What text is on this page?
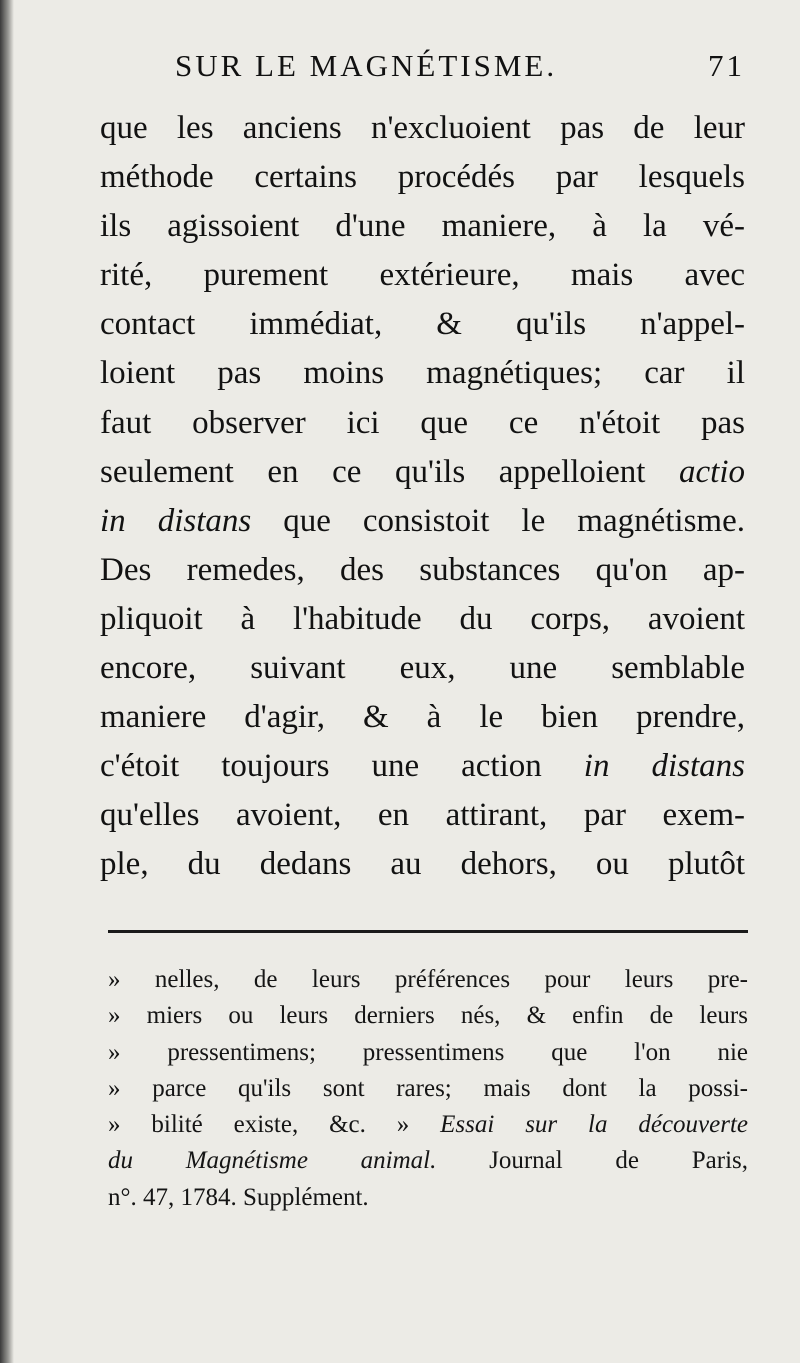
SUR LE MAGNÉTISME.	71
que les anciens n'excluoient pas de leur
méthode certains procédés par lesquels
ils agissoient d'une maniere, à la vé-
rité, purement extérieure, mais avec
contact immédiat, & qu'ils n'appel-
loient pas moins magnétiques; car il
faut observer ici que ce n'étoit pas
seulement en ce qu'ils appelloient actio
in distans que consistoit le magnétisme.
Des remedes, des substances qu'on ap-
pliquoit à l'habitude du corps, avoient
encore, suivant eux, une semblable
maniere d'agir, & à le bien prendre,
c'étoit toujours une action in distans
qu'elles avoient, en attirant, par exem-
ple, du dedans au dehors, ou plutôt
» nelles, de leurs préférences pour leurs pre-
» miers ou leurs derniers nés, & enfin de leurs
» pressentimens; pressentimens que l'on nie
» parce qu'ils sont rares; mais dont la possi-
» bilité existe, &c. » Essai sur la découverte
du Magnétisme animal. Journal de Paris,
n°. 47, 1784. Supplément.
